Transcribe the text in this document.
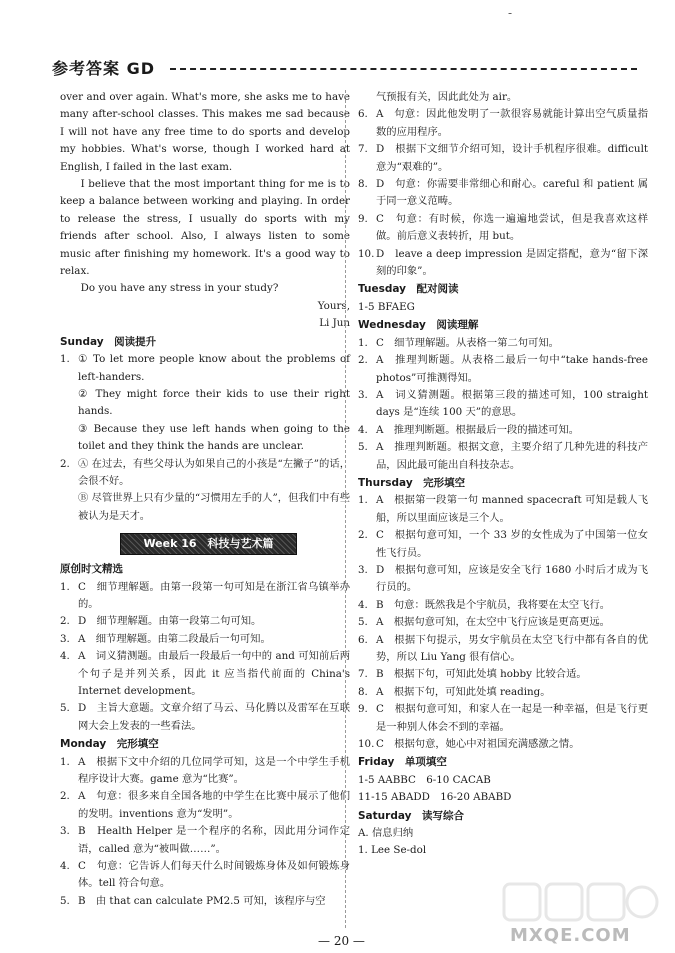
-
参考答案 GD

over and over again. What's more, she asks me to have many after-school classes. This makes me sad because I will not have any free time to do sports and develop my hobbies. What's worse, though I worked hard at English, I failed in the last exam.

I believe that the most important thing for me is to keep a balance between working and playing. In order to release the stress, I usually do sports with my friends after school. Also, I always listen to some music after finishing my homework. It's a good way to relax.

Do you have any stress in your study?

Yours,

Li Jun

Sunday　阅读提升

1. ① To let more people know about the problems of left-handers.

② They might force their kids to use their right hands.

③ Because they use left hands when going to the toilet and they think the hands are unclear.

2. Ⓐ 在过去，有些父母认为如果自己的小孩是“左撇子”的话，会很不好。

Ⓑ 尽管世界上只有少量的“习惯用左手的人”，但我们中有些被认为是天才。

Week 16　科技与艺术篇

原创时文精选

1. C　细节理解题。由第一段第一句可知是在浙江省乌镇举办的。
2. D　细节理解题。由第一段第二句可知。
3. A　细节理解题。由第二段最后一句可知。
4. A　词义猜测题。由最后一段最后一句中的 and 可知前后两个句子是并列关系，因此 it 应当指代前面的 China's Internet development。
5. D　主旨大意题。文章介绍了马云、马化腾以及雷军在互联网大会上发表的一些看法。

Monday　完形填空

1. A　根据下文中介绍的几位同学可知，这是一个中学生手机程序设计大赛。game 意为“比赛”。
2. A　句意：很多来自全国各地的中学生在比赛中展示了他们的发明。inventions 意为“发明”。
3. B　Health Helper 是一个程序的名称，因此用分词作定语，called 意为“被叫做……”。
4. C　句意：它告诉人们每天什么时间锻炼身体及如何锻炼身体。tell 符合句意。
5. B　由 that can calculate PM2.5 可知，该程序与空

气预报有关，因此此处为 air。

6. A　句意：因此他发明了一款很容易就能计算出空气质量指数的应用程序。
7. D　根据下文细节介绍可知，设计手机程序很难。difficult 意为“艰难的”。
8. D　句意：你需要非常细心和耐心。careful 和 patient 属于同一意义范畴。
9. C　句意：有时候，你选一遍遍地尝试，但是我喜欢这样做。前后意义表转折，用 but。
10. D　leave a deep impression 是固定搭配，意为“留下深刻的印象”。

Tuesday　配对阅读

1-5 BFAEG

Wednesday　阅读理解

1. C　细节理解题。从表格一第二句可知。
2. A　推理判断题。从表格二最后一句中“take hands-free photos”可推测得知。
3. A　词义猜测题。根据第三段的描述可知，100 straight days 是“连续 100 天”的意思。
4. A　推理判断题。根据最后一段的描述可知。
5. A　推理判断题。根据文意，主要介绍了几种先进的科技产品，因此最可能出自科技杂志。

Thursday　完形填空

1. A　根据第一段第一句 manned spacecraft 可知是载人飞船，所以里面应该是三个人。
2. C　根据句意可知，一个 33 岁的女性成为了中国第一位女性飞行员。
3. D　根据句意可知，应该是安全飞行 1680 小时后才成为飞行员的。
4. B　句意：既然我是个宇航员，我将要在太空飞行。
5. A　根据句意可知，在太空中飞行应该是更高更远。
6. A　根据下句提示，男女宇航员在太空飞行中都有各自的优势，所以 Liu Yang 很有信心。
7. B　根据下句，可知此处填 hobby 比较合适。
8. A　根据下句，可知此处填 reading。
9. C　根据句意可知，和家人在一起是一种幸福，但是飞行更是一种别人体会不到的幸福。
10. C　根据句意，她心中对祖国充满感激之情。

Friday　单项填空

1-5 AABBC　6-10 CACAB

11-15 ABADD　16-20 ABABD

Saturday　读写综合

A. 信息归纳

1. Lee Se-dol

— 20 —	MXQE.COM
